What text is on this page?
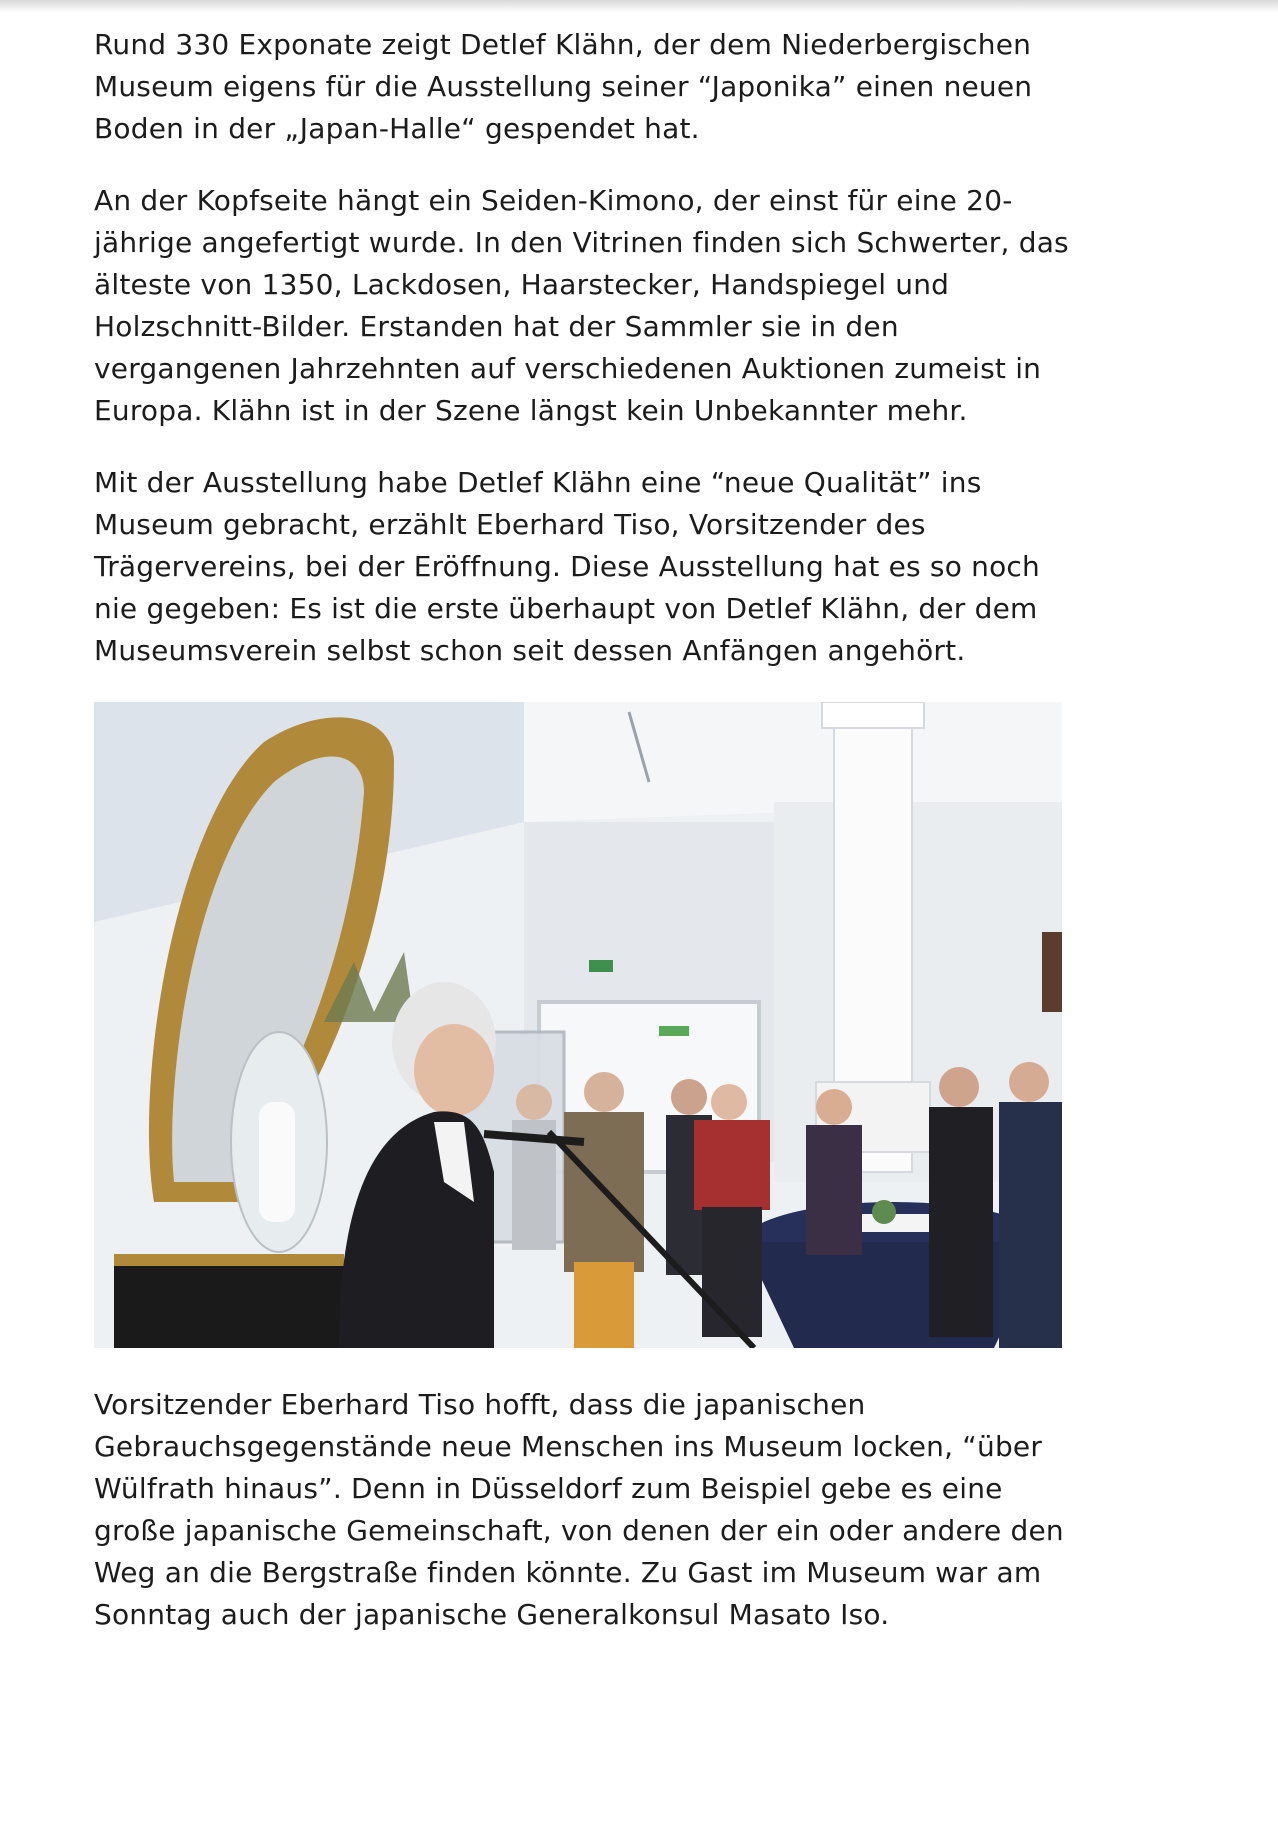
Rund 330 Exponate zeigt Detlef Klähn, der dem Niederbergischen Museum eigens für die Ausstellung seiner “Japonika” einen neuen Boden in der „Japan-Halle“ gespendet hat.

An der Kopfseite hängt ein Seiden-Kimono, der einst für eine 20-jährige angefertigt wurde. In den Vitrinen finden sich Schwerter, das älteste von 1350, Lackdosen, Haarstecker, Handspiegel und Holzschnitt-Bilder. Erstanden hat der Sammler sie in den vergangenen Jahrzehnten auf verschiedenen Auktionen zumeist in Europa. Klähn ist in der Szene längst kein Unbekannter mehr.

Mit der Ausstellung habe Detlef Klähn eine “neue Qualität” ins Museum gebracht, erzählt Eberhard Tiso, Vorsitzender des Trägervereins, bei der Eröffnung. Diese Ausstellung hat es so noch nie gegeben: Es ist die erste überhaupt von Detlef Klähn, der dem Museumsverein selbst schon seit dessen Anfängen angehört.

Vorsitzender Eberhard Tiso hofft, dass die japanischen Gebrauchsgegenstände neue Menschen ins Museum locken, “über Wülfrath hinaus”. Denn in Düsseldorf zum Beispiel gebe es eine große japanische Gemeinschaft, von denen der ein oder andere den Weg an die Bergstraße finden könnte. Zu Gast im Museum war am Sonntag auch der japanische Generalkonsul Masato Iso.
